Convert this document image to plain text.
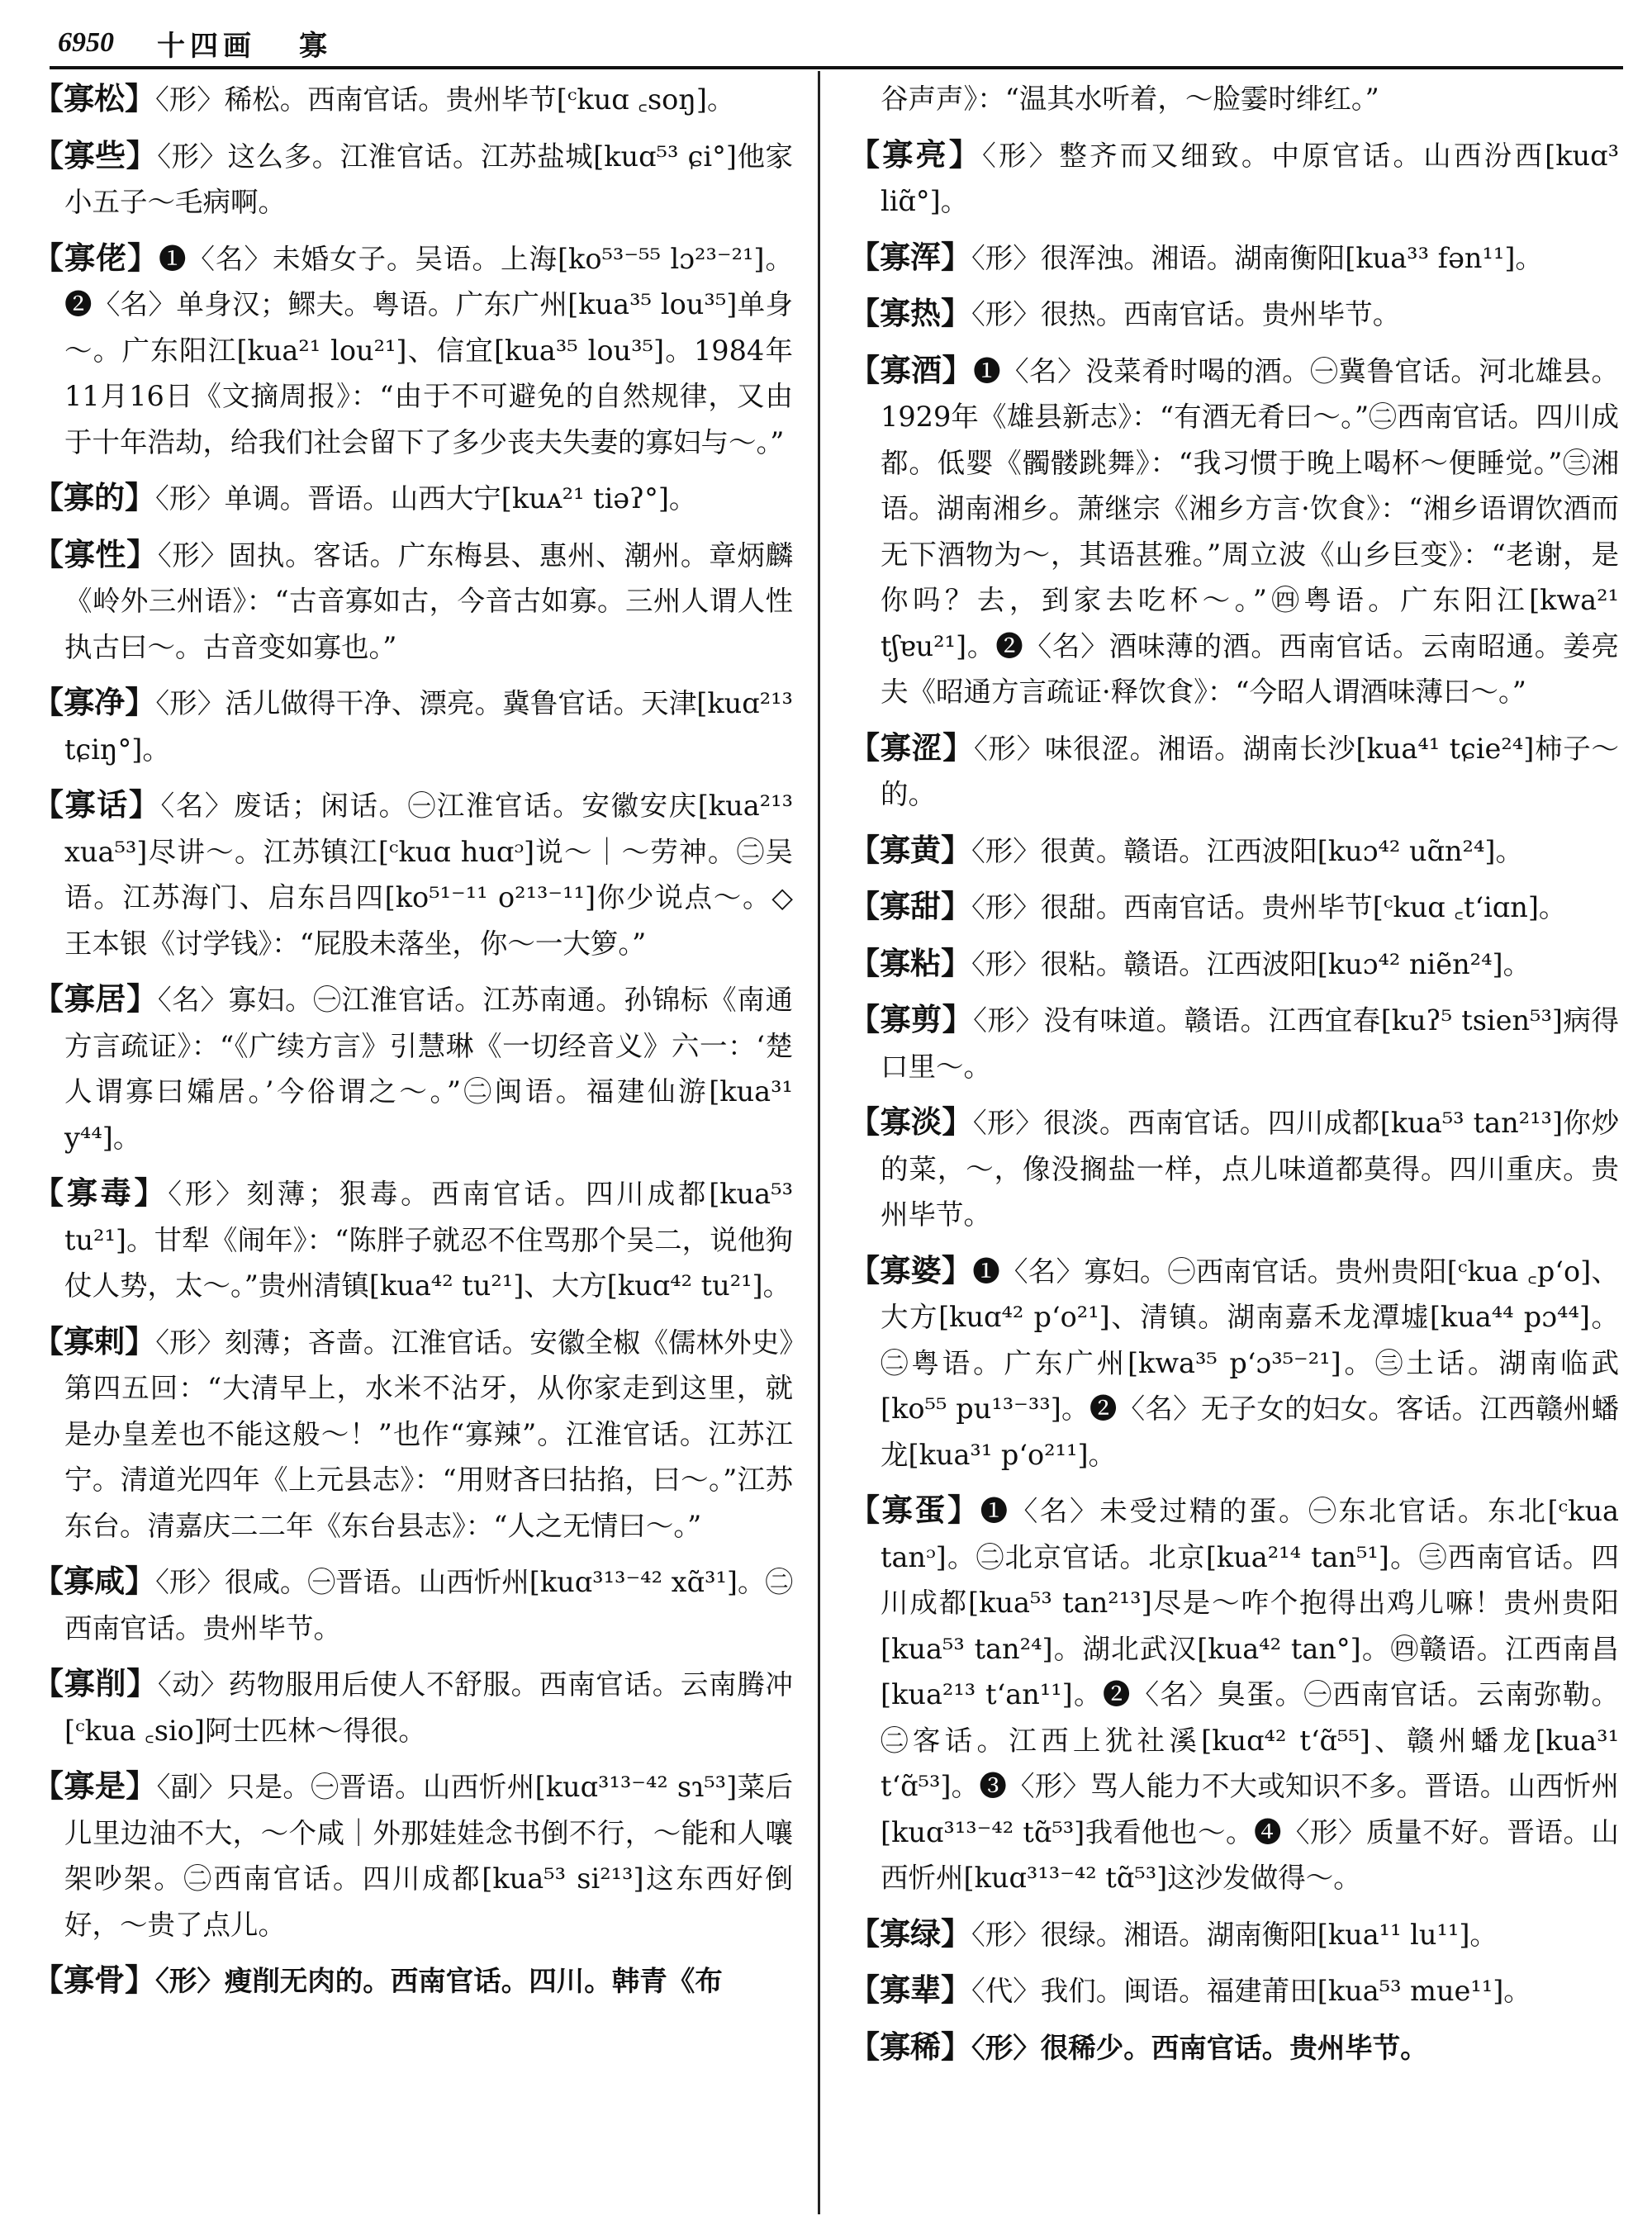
6950 十四画 寡

【寡松】〈形〉稀松。西南官话。贵州毕节[ᶜkuɑ ꜀soŋ]。

【寡些】〈形〉这么多。江淮官话。江苏盐城[kuɑ⁵³ ɕi°]他家小五子～毛病啊。

【寡佬】❶〈名〉未婚女子。吴语。上海[ko⁵³⁻⁵⁵ lɔ²³⁻²¹]。❷〈名〉单身汉；鳏夫。粤语。广东广州[kua³⁵ lou³⁵]单身～。广东阳江[kua²¹ lou²¹]、信宜[kua³⁵ lou³⁵]。1984年11月16日《文摘周报》：“由于不可避免的自然规律，又由于十年浩劫，给我们社会留下了多少丧夫失妻的寡妇与～。”

【寡的】〈形〉单调。晋语。山西大宁[kuᴀ²¹ tiəʔ°]。

【寡性】〈形〉固执。客话。广东梅县、惠州、潮州。章炳麟《岭外三州语》：“古音寡如古，今音古如寡。三州人谓人性执古曰～。古音变如寡也。”

【寡净】〈形〉活儿做得干净、漂亮。冀鲁官话。天津[kuɑ²¹³ tɕiŋ°]。

【寡话】〈名〉废话；闲话。㊀江淮官话。安徽安庆[kua²¹³ xua⁵³]尽讲～。江苏镇江[ᶜkuɑ huɑᵓ]说～｜～劳神。㊁吴语。江苏海门、启东吕四[ko⁵¹⁻¹¹ o²¹³⁻¹¹]你少说点～。◇王本银《讨学钱》：“屁股未落坐，你～一大箩。”

【寡居】〈名〉寡妇。㊀江淮官话。江苏南通。孙锦标《南通方言疏证》：“《广续方言》引慧琳《一切经音义》六一：‘楚人谓寡曰孀居。’今俗谓之～。”㊁闽语。福建仙游[kua³¹ y⁴⁴]。

【寡毒】〈形〉刻薄；狠毒。西南官话。四川成都[kua⁵³ tu²¹]。甘犁《闹年》：“陈胖子就忍不住骂那个吴二，说他狗仗人势，太～。”贵州清镇[kua⁴² tu²¹]、大方[kuɑ⁴² tu²¹]。

【寡剌】〈形〉刻薄；吝啬。江淮官话。安徽全椒《儒林外史》第四五回：“大清早上，水米不沾牙，从你家走到这里，就是办皇差也不能这般～！”也作“寡辣”。江淮官话。江苏江宁。清道光四年《上元县志》：“用财吝曰拈掐，曰～。”江苏东台。清嘉庆二二年《东台县志》：“人之无情曰～。”

【寡咸】〈形〉很咸。㊀晋语。山西忻州[kuɑ³¹³⁻⁴² xɑ̃³¹]。㊁西南官话。贵州毕节。

【寡削】〈动〉药物服用后使人不舒服。西南官话。云南腾冲[ᶜkua ꜀sio]阿士匹林～得很。

【寡是】〈副〉只是。㊀晋语。山西忻州[kuɑ³¹³⁻⁴² sɿ⁵³]菜后儿里边油不大，～个咸｜外那娃娃念书倒不行，～能和人嚷架吵架。㊁西南官话。四川成都[kua⁵³ si²¹³]这东西好倒好，～贵了点儿。

【寡骨】〈形〉瘦削无肉的。西南官话。四川。韩青《布

谷声声》：“温其水听着，～脸霎时绯红。”

【寡亮】〈形〉整齐而又细致。中原官话。山西汾西[kuɑ³ liɑ̃°]。

【寡浑】〈形〉很浑浊。湘语。湖南衡阳[kua³³ fən¹¹]。

【寡热】〈形〉很热。西南官话。贵州毕节。

【寡酒】❶〈名〉没菜肴时喝的酒。㊀冀鲁官话。河北雄县。1929年《雄县新志》：“有酒无肴曰～。”㊁西南官话。四川成都。低婴《髑髅跳舞》：“我习惯于晚上喝杯～便睡觉。”㊂湘语。湖南湘乡。萧继宗《湘乡方言·饮食》：“湘乡语谓饮酒而无下酒物为～，其语甚雅。”周立波《山乡巨变》：“老谢，是你吗？去，到家去吃杯～。”㊃粤语。广东阳江[kwa²¹ tʃɐu²¹]。❷〈名〉酒味薄的酒。西南官话。云南昭通。姜亮夫《昭通方言疏证·释饮食》：“今昭人谓酒味薄曰～。”

【寡涩】〈形〉味很涩。湘语。湖南长沙[kua⁴¹ tɕie²⁴]柿子～的。

【寡黄】〈形〉很黄。赣语。江西波阳[kuɔ⁴² uɑ̃n²⁴]。

【寡甜】〈形〉很甜。西南官话。贵州毕节[ᶜkuɑ ꜀tʻiɑn]。

【寡粘】〈形〉很粘。赣语。江西波阳[kuɔ⁴² niẽn²⁴]。

【寡剪】〈形〉没有味道。赣语。江西宜春[kuʔ⁵ tsien⁵³]病得口里～。

【寡淡】〈形〉很淡。西南官话。四川成都[kua⁵³ tan²¹³]你炒的菜，～，像没搁盐一样，点儿味道都莫得。四川重庆。贵州毕节。

【寡婆】❶〈名〉寡妇。㊀西南官话。贵州贵阳[ᶜkua ꜀pʻo]、大方[kuɑ⁴² pʻo²¹]、清镇。湖南嘉禾龙潭墟[kua⁴⁴ pɔ⁴⁴]。㊁粤语。广东广州[kwa³⁵ pʻɔ³⁵⁻²¹]。㊂土话。湖南临武[ko⁵⁵ pu¹³⁻³³]。❷〈名〉无子女的妇女。客话。江西赣州蟠龙[kua³¹ pʻo²¹¹]。

【寡蛋】❶〈名〉未受过精的蛋。㊀东北官话。东北[ᶜkua tanᵓ]。㊁北京官话。北京[kua²¹⁴ tan⁵¹]。㊂西南官话。四川成都[kua⁵³ tan²¹³]尽是～咋个抱得出鸡儿嘛！贵州贵阳[kua⁵³ tan²⁴]。湖北武汉[kua⁴² tan°]。㊃赣语。江西南昌[kua²¹³ tʻan¹¹]。❷〈名〉臭蛋。㊀西南官话。云南弥勒。㊁客话。江西上犹社溪[kuɑ⁴² tʻɑ̃⁵⁵]、赣州蟠龙[kua³¹ tʻɑ̃⁵³]。❸〈形〉骂人能力不大或知识不多。晋语。山西忻州[kuɑ³¹³⁻⁴² tɑ̃⁵³]我看他也～。❹〈形〉质量不好。晋语。山西忻州[kuɑ³¹³⁻⁴² tɑ̃⁵³]这沙发做得～。

【寡绿】〈形〉很绿。湘语。湖南衡阳[kua¹¹ lu¹¹]。

【寡辈】〈代〉我们。闽语。福建莆田[kua⁵³ mue¹¹]。

【寡稀】〈形〉很稀少。西南官话。贵州毕节。
